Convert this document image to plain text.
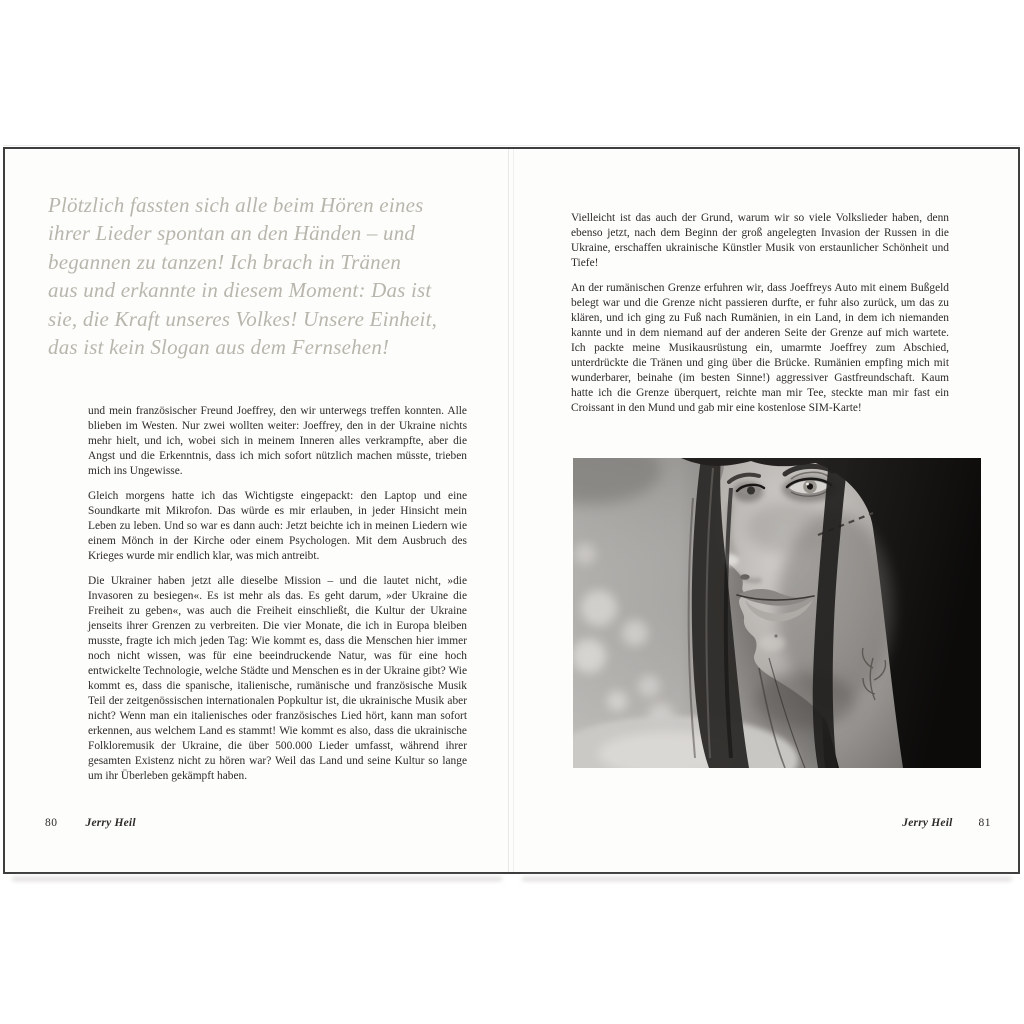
Plötzlich fassten sich alle beim Hören eines
ihrer Lieder spontan an den Händen – und
begannen zu tanzen! Ich brach in Tränen
aus und erkannte in diesem Moment: Das ist
sie, die Kraft unseres Volkes! Unsere Einheit,
das ist kein Slogan aus dem Fernsehen!

und mein französischer Freund Joeffrey, den wir unterwegs treffen konnten. Alle blieben im Westen. Nur zwei wollten weiter: Joeffrey, den in der Ukraine nichts mehr hielt, und ich, wobei sich in meinem Inneren alles verkrampfte, aber die Angst und die Erkenntnis, dass ich mich sofort nützlich machen müsste, trieben mich ins Ungewisse.

Gleich morgens hatte ich das Wichtigste eingepackt: den Laptop und eine Soundkarte mit Mikrofon. Das würde es mir erlauben, in jeder Hinsicht mein Leben zu leben. Und so war es dann auch: Jetzt beichte ich in meinen Liedern wie einem Mönch in der Kirche oder einem Psychologen. Mit dem Ausbruch des Krieges wurde mir endlich klar, was mich antreibt.

Die Ukrainer haben jetzt alle dieselbe Mission – und die lautet nicht, »die Invasoren zu besiegen«. Es ist mehr als das. Es geht darum, »der Ukraine die Freiheit zu geben«, was auch die Freiheit einschließt, die Kultur der Ukraine jenseits ihrer Grenzen zu verbreiten. Die vier Monate, die ich in Europa bleiben musste, fragte ich mich jeden Tag: Wie kommt es, dass die Menschen hier immer noch nicht wissen, was für eine beeindruckende Natur, was für eine hoch entwickelte Technologie, welche Städte und Menschen es in der Ukraine gibt? Wie kommt es, dass die spanische, italienische, rumänische und französische Musik Teil der zeitgenössischen internationalen Popkultur ist, die ukrainische Musik aber nicht? Wenn man ein italienisches oder französisches Lied hört, kann man sofort erkennen, aus welchem Land es stammt! Wie kommt es also, dass die ukrainische Folkloremusik der Ukraine, die über 500.000 Lieder umfasst, während ihrer gesamten Existenz nicht zu hören war? Weil das Land und seine Kultur so lange um ihr Überleben gekämpft haben.

80 Jerry Heil

Vielleicht ist das auch der Grund, warum wir so viele Volkslieder haben, denn ebenso jetzt, nach dem Beginn der groß angelegten Invasion der Russen in die Ukraine, erschaffen ukrainische Künstler Musik von erstaunlicher Schönheit und Tiefe!

An der rumänischen Grenze erfuhren wir, dass Joeffreys Auto mit einem Bußgeld belegt war und die Grenze nicht passieren durfte, er fuhr also zurück, um das zu klären, und ich ging zu Fuß nach Rumänien, in ein Land, in dem ich niemanden kannte und in dem niemand auf der anderen Seite der Grenze auf mich wartete. Ich packte meine Musikausrüstung ein, umarmte Joeffrey zum Abschied, unterdrückte die Tränen und ging über die Brücke. Rumänien empfing mich mit wunderbarer, beinahe (im besten Sinne!) aggressiver Gastfreundschaft. Kaum hatte ich die Grenze überquert, reichte man mir Tee, steckte man mir fast ein Croissant in den Mund und gab mir eine kostenlose SIM-Karte!

Jerry Heil 81
